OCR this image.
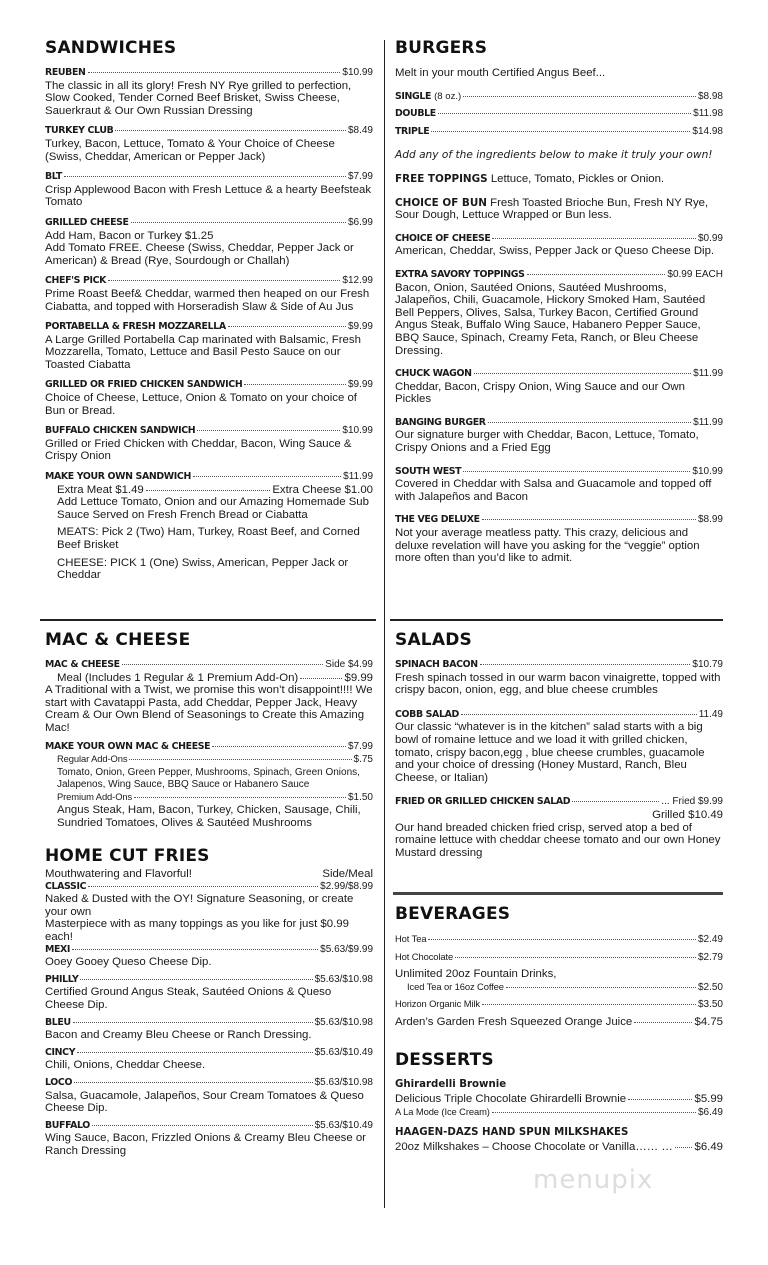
SANDWICHES
REUBEN	$10.99
The classic in all its glory! Fresh NY Rye grilled to perfection, Slow Cooked, Tender Corned Beef Brisket, Swiss Cheese, Sauerkraut & Our Own Russian Dressing
TURKEY CLUB	$8.49
Turkey, Bacon, Lettuce, Tomato & Your Choice of Cheese (Swiss, Cheddar, American or Pepper Jack)
BLT	$7.99
Crisp Applewood Bacon with Fresh Lettuce & a hearty Beefsteak Tomato
GRILLED CHEESE	$6.99
Add Ham, Bacon or Turkey $1.25
Add Tomato FREE. Cheese (Swiss, Cheddar, Pepper Jack or American) & Bread (Rye, Sourdough or Challah)
CHEF'S PICK	$12.99
Prime Roast Beef& Cheddar, warmed then heaped on our Fresh Ciabatta, and topped with Horseradish Slaw & Side of Au Jus
PORTABELLA & FRESH MOZZARELLA	$9.99
A Large Grilled Portabella Cap marinated with Balsamic, Fresh Mozzarella, Tomato, Lettuce and Basil Pesto Sauce on our Toasted Ciabatta
GRILLED OR FRIED CHICKEN SANDWICH	$9.99
Choice of Cheese, Lettuce, Onion & Tomato on your choice of Bun or Bread.
BUFFALO CHICKEN SANDWICH	$10.99
Grilled or Fried Chicken with Cheddar, Bacon, Wing Sauce & Crispy Onion
MAKE YOUR OWN SANDWICH	$11.99
Extra Meat $1.49	Extra Cheese $1.00
Add Lettuce Tomato, Onion and our Amazing Homemade Sub Sauce Served on Fresh French Bread or Ciabatta
MEATS: Pick 2 (Two) Ham, Turkey, Roast Beef, and Corned Beef Brisket
CHEESE: PICK 1 (One) Swiss, American, Pepper Jack or Cheddar
BURGERS
Melt in your mouth Certified Angus Beef...
SINGLE (8 oz.)	$8.98
DOUBLE	$11.98
TRIPLE	$14.98
Add any of the ingredients below to make it truly your own!
FREE TOPPINGS Lettuce, Tomato, Pickles or Onion.
CHOICE OF BUN Fresh Toasted Brioche Bun, Fresh NY Rye, Sour Dough, Lettuce Wrapped or Bun less.
CHOICE OF CHEESE	$0.99
American, Cheddar, Swiss, Pepper Jack or Queso Cheese Dip.
EXTRA SAVORY TOPPINGS	$0.99 EACH
Bacon, Onion, Sautéed Onions, Sautéed Mushrooms, Jalapeños, Chili, Guacamole, Hickory Smoked Ham, Sautéed Bell Peppers, Olives, Salsa, Turkey Bacon, Certified Ground Angus Steak, Buffalo Wing Sauce, Habanero Pepper Sauce, BBQ Sauce, Spinach, Creamy Feta, Ranch, or Bleu Cheese Dressing.
CHUCK WAGON	$11.99
Cheddar, Bacon, Crispy Onion, Wing Sauce and our Own Pickles
BANGING BURGER	$11.99
Our signature burger with Cheddar, Bacon, Lettuce, Tomato, Crispy Onions and a Fried Egg
SOUTH WEST	$10.99
Covered in Cheddar with Salsa and Guacamole and topped off with Jalapeños and Bacon
THE VEG DELUXE	$8.99
Not your average meatless patty. This crazy, delicious and deluxe revelation will have you asking for the “veggie” option more often than you’d like to admit.
MAC & CHEESE
MAC & CHEESE	Side $4.99
Meal (Includes 1 Regular & 1 Premium Add-On)	$9.99
A Traditional with a Twist, we promise this won’t disappoint!!!! We start with Cavatappi Pasta, add Cheddar, Pepper Jack, Heavy Cream & Our Own Blend of Seasonings to Create this Amazing Mac!
MAKE YOUR OWN MAC & CHEESE	$7.99
Regular Add-Ons	$.75
Tomato, Onion, Green Pepper, Mushrooms, Spinach, Green Onions, Jalapenos, Wing Sauce, BBQ Sauce or Habanero Sauce
Premium Add-Ons	$1.50
Angus Steak, Ham, Bacon, Turkey, Chicken, Sausage, Chili, Sundried Tomatoes, Olives & Sautéed Mushrooms
HOME CUT FRIES
Mouthwatering and Flavorful!	Side/Meal
CLASSIC	$2.99/$8.99
Naked & Dusted with the OY! Signature Seasoning, or create your own
Masterpiece with as many toppings as you like for just $0.99 each!
MEXI	$5.63/$9.99
Ooey Gooey Queso Cheese Dip.
PHILLY	$5.63/$10.98
Certified Ground Angus Steak, Sautéed Onions & Queso Cheese Dip.
BLEU	$5.63/$10.98
Bacon and Creamy Bleu Cheese or Ranch Dressing.
CINCY	$5.63/$10.49
Chili, Onions, Cheddar Cheese.
LOCO	$5.63/$10.98
Salsa, Guacamole, Jalapeños, Sour Cream Tomatoes & Queso Cheese Dip.
BUFFALO	$5.63/$10.49
Wing Sauce, Bacon, Frizzled Onions & Creamy Bleu Cheese or Ranch Dressing
SALADS
SPINACH BACON	$10.79
Fresh spinach tossed in our warm bacon vinaigrette, topped with crispy bacon, onion, egg, and blue cheese crumbles
COBB SALAD	11.49
Our classic “whatever is in the kitchen” salad starts with a big bowl of romaine lettuce and we load it with grilled chicken, tomato, crispy bacon,egg , blue cheese crumbles, guacamole and your choice of dressing (Honey Mustard, Ranch, Bleu Cheese, or Italian)
FRIED OR GRILLED CHICKEN SALAD	... Fried $9.99
Grilled $10.49
Our hand breaded chicken fried crisp, served atop a bed of romaine lettuce with cheddar cheese tomato and our own Honey Mustard dressing
BEVERAGES
Hot Tea	$2.49
Hot Chocolate	$2.79
Unlimited 20oz Fountain Drinks,
Iced Tea or 16oz Coffee	$2.50
Horizon Organic Milk	$3.50
Arden’s Garden Fresh Squeezed Orange Juice	$4.75
DESSERTS
Ghirardelli Brownie
Delicious Triple Chocolate Ghirardelli Brownie	$5.99
A La Mode (Ice Cream)	$6.49
HAAGEN-DAZS HAND SPUN MILKSHAKES
20oz Milkshakes – Choose Chocolate or Vanilla…… … $6.49
menupix
